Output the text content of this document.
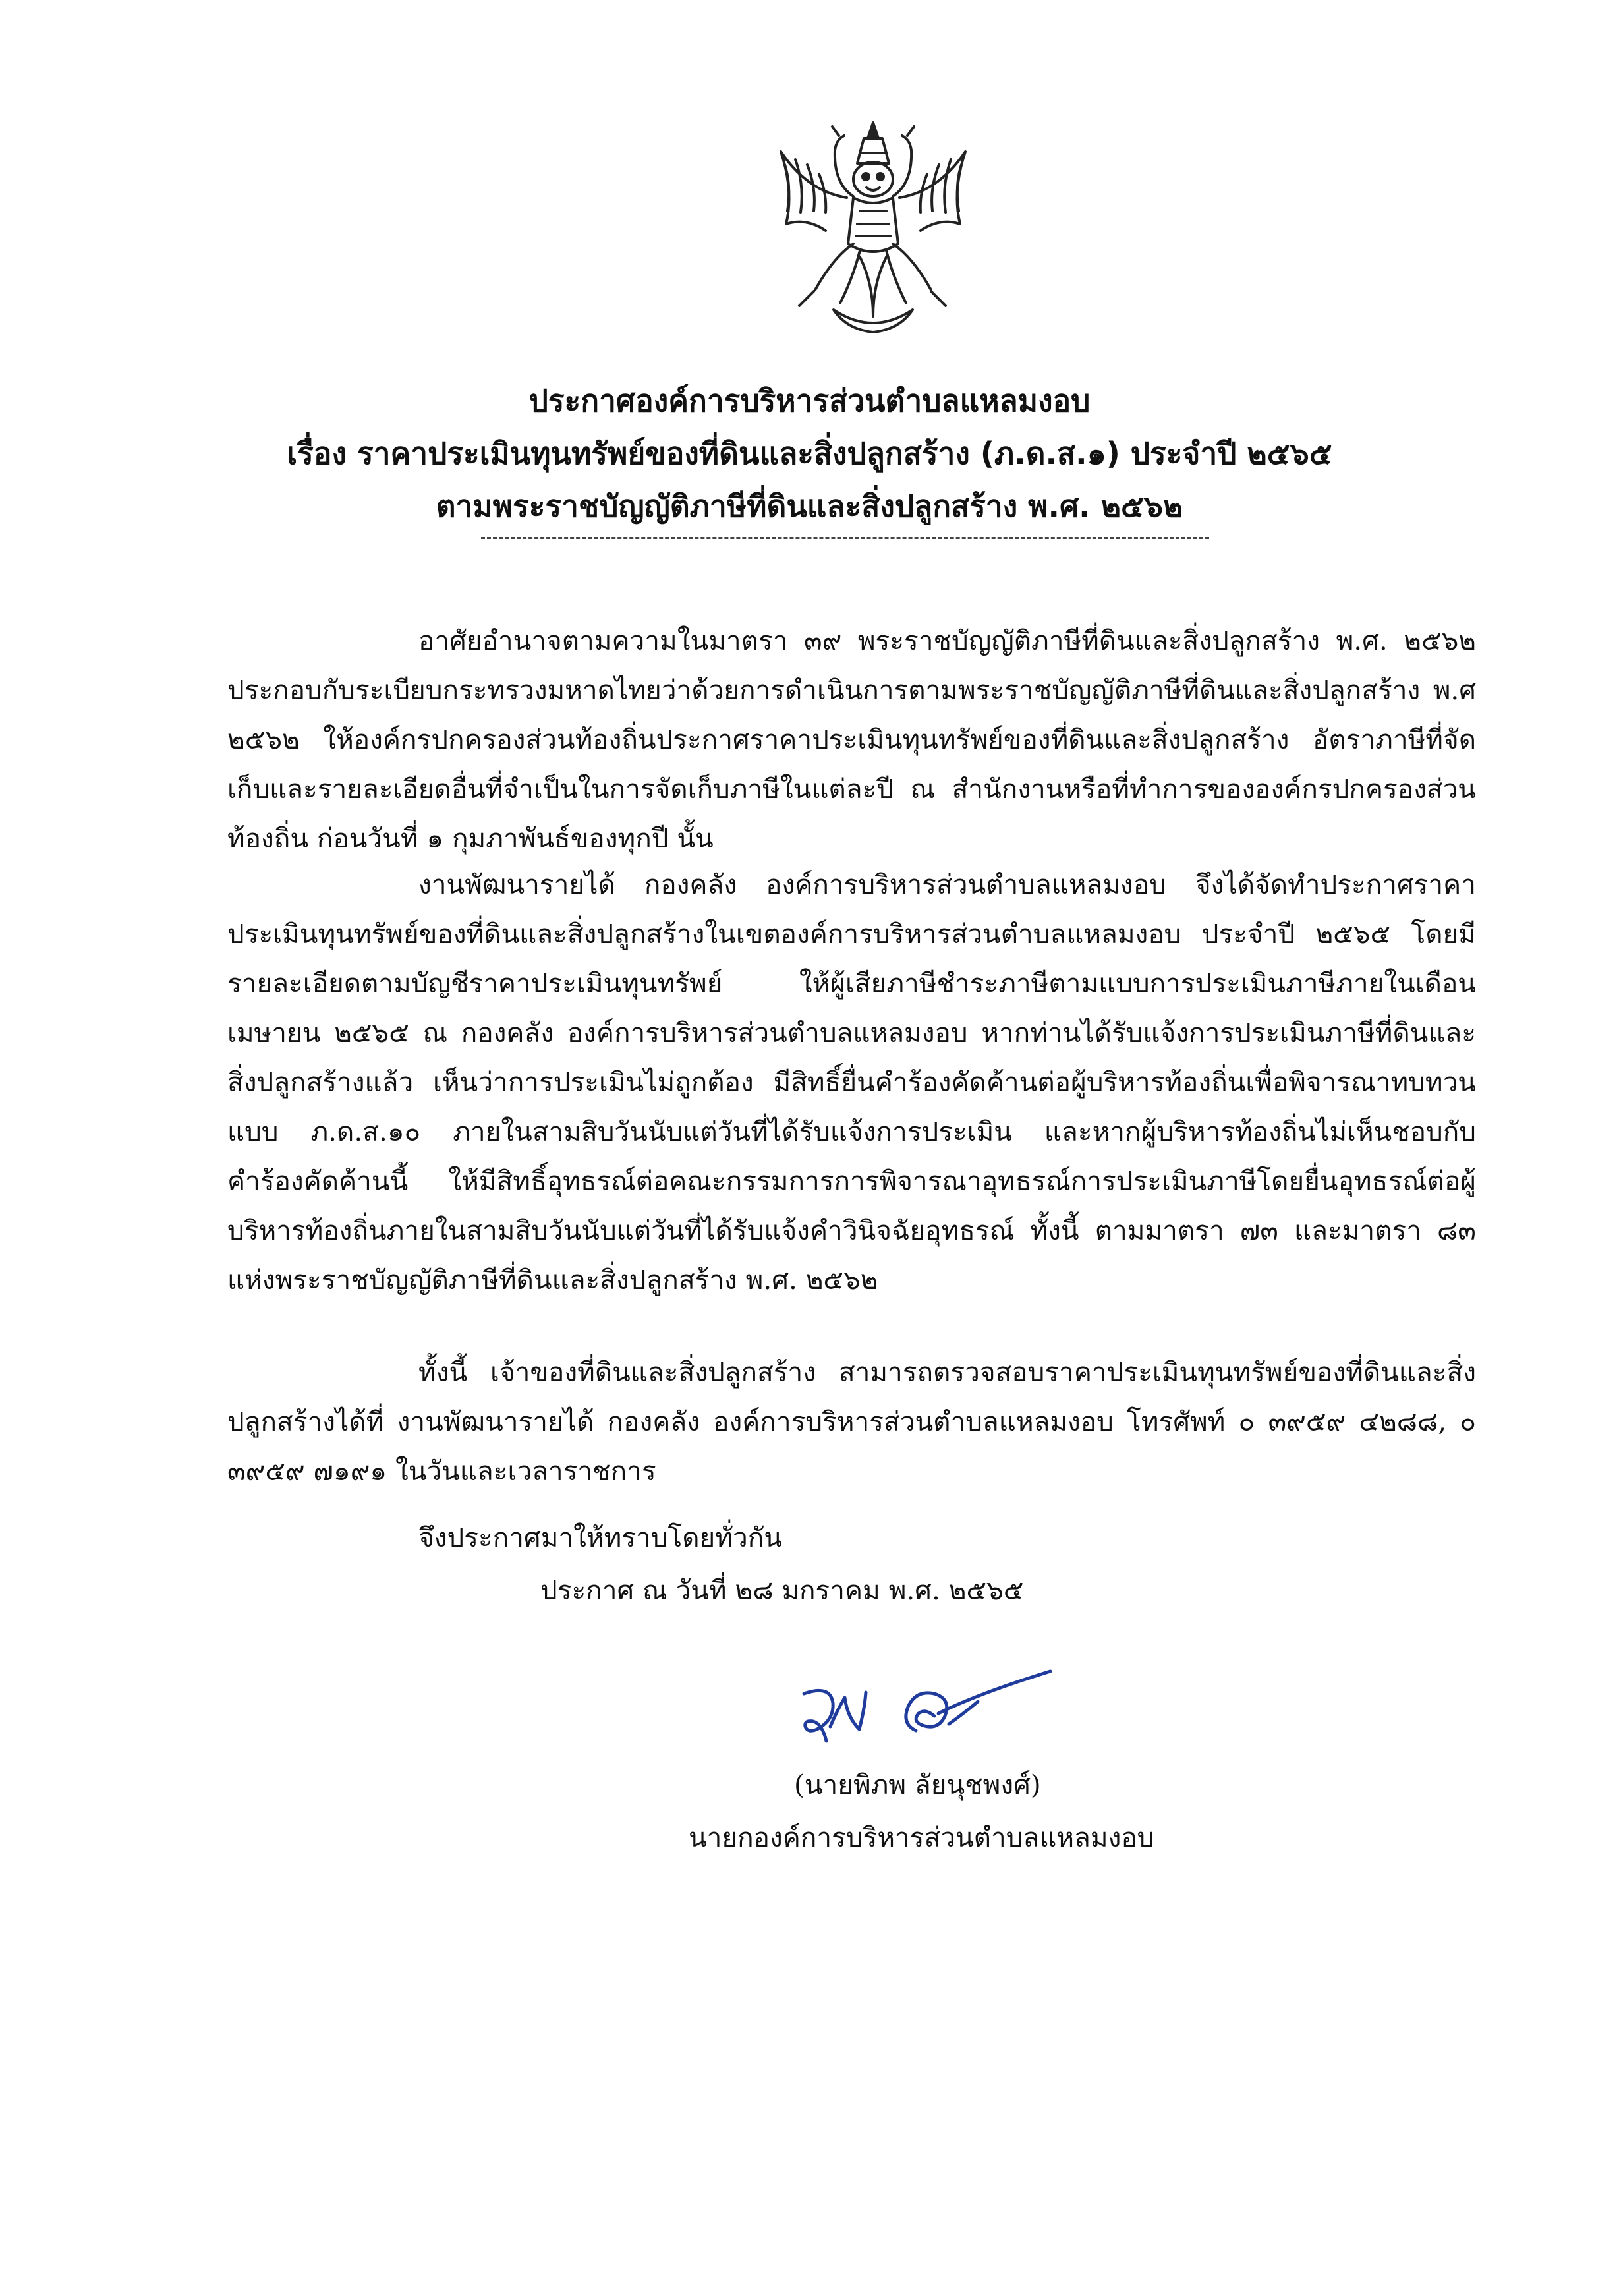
ประกาศองค์การบริหารส่วนตำบลแหลมงอบ
เรื่อง ราคาประเมินทุนทรัพย์ของที่ดินและสิ่งปลูกสร้าง (ภ.ด.ส.๑) ประจำปี ๒๕๖๕
ตามพระราชบัญญัติภาษีที่ดินและสิ่งปลูกสร้าง พ.ศ. ๒๕๖๒

อาศัยอำนาจตามความในมาตรา ๓๙ พระราชบัญญัติภาษีที่ดินและสิ่งปลูกสร้าง พ.ศ. ๒๕๖๒ ประกอบกับระเบียบกระทรวงมหาดไทยว่าด้วยการดำเนินการตามพระราชบัญญัติภาษีที่ดินและสิ่งปลูกสร้าง พ.ศ ๒๕๖๒ ให้องค์กรปกครองส่วนท้องถิ่นประกาศราคาประเมินทุนทรัพย์ของที่ดินและสิ่งปลูกสร้าง อัตราภาษีที่จัดเก็บและรายละเอียดอื่นที่จำเป็นในการจัดเก็บภาษีในแต่ละปี ณ สำนักงานหรือที่ทำการขององค์กรปกครองส่วนท้องถิ่น ก่อนวันที่ ๑ กุมภาพันธ์ของทุกปี นั้น

งานพัฒนารายได้ กองคลัง องค์การบริหารส่วนตำบลแหลมงอบ จึงได้จัดทำประกาศราคาประเมินทุนทรัพย์ของที่ดินและสิ่งปลูกสร้างในเขตองค์การบริหารส่วนตำบลแหลมงอบ ประจำปี ๒๕๖๕ โดยมีรายละเอียดตามบัญชีราคาประเมินทุนทรัพย์ ให้ผู้เสียภาษีชำระภาษีตามแบบการประเมินภาษีภายในเดือนเมษายน ๒๕๖๕ ณ กองคลัง องค์การบริหารส่วนตำบลแหลมงอบ หากท่านได้รับแจ้งการประเมินภาษีที่ดินและสิ่งปลูกสร้างแล้ว เห็นว่าการประเมินไม่ถูกต้อง มีสิทธิ์ยื่นคำร้องคัดค้านต่อผู้บริหารท้องถิ่นเพื่อพิจารณาทบทวนแบบ ภ.ด.ส.๑๐ ภายในสามสิบวันนับแต่วันที่ได้รับแจ้งการประเมิน และหากผู้บริหารท้องถิ่นไม่เห็นชอบกับคำร้องคัดค้านนี้ ให้มีสิทธิ์อุทธรณ์ต่อคณะกรรมการการพิจารณาอุทธรณ์การประเมินภาษีโดยยื่นอุทธรณ์ต่อผู้บริหารท้องถิ่นภายในสามสิบวันนับแต่วันที่ได้รับแจ้งคำวินิจฉัยอุทธรณ์ ทั้งนี้ ตามมาตรา ๗๓ และมาตรา ๘๓ แห่งพระราชบัญญัติภาษีที่ดินและสิ่งปลูกสร้าง พ.ศ. ๒๕๖๒

ทั้งนี้ เจ้าของที่ดินและสิ่งปลูกสร้าง สามารถตรวจสอบราคาประเมินทุนทรัพย์ของที่ดินและสิ่งปลูกสร้างได้ที่ งานพัฒนารายได้ กองคลัง องค์การบริหารส่วนตำบลแหลมงอบ โทรศัพท์ ๐ ๓๙๕๙ ๔๒๘๘, ๐ ๓๙๕๙ ๗๑๙๑ ในวันและเวลาราชการ

จึงประกาศมาให้ทราบโดยทั่วกัน
ประกาศ ณ วันที่ ๒๘ มกราคม พ.ศ. ๒๕๖๕
(นายพิภพ ลัยนุชพงศ์)
นายกองค์การบริหารส่วนตำบลแหลมงอบ
